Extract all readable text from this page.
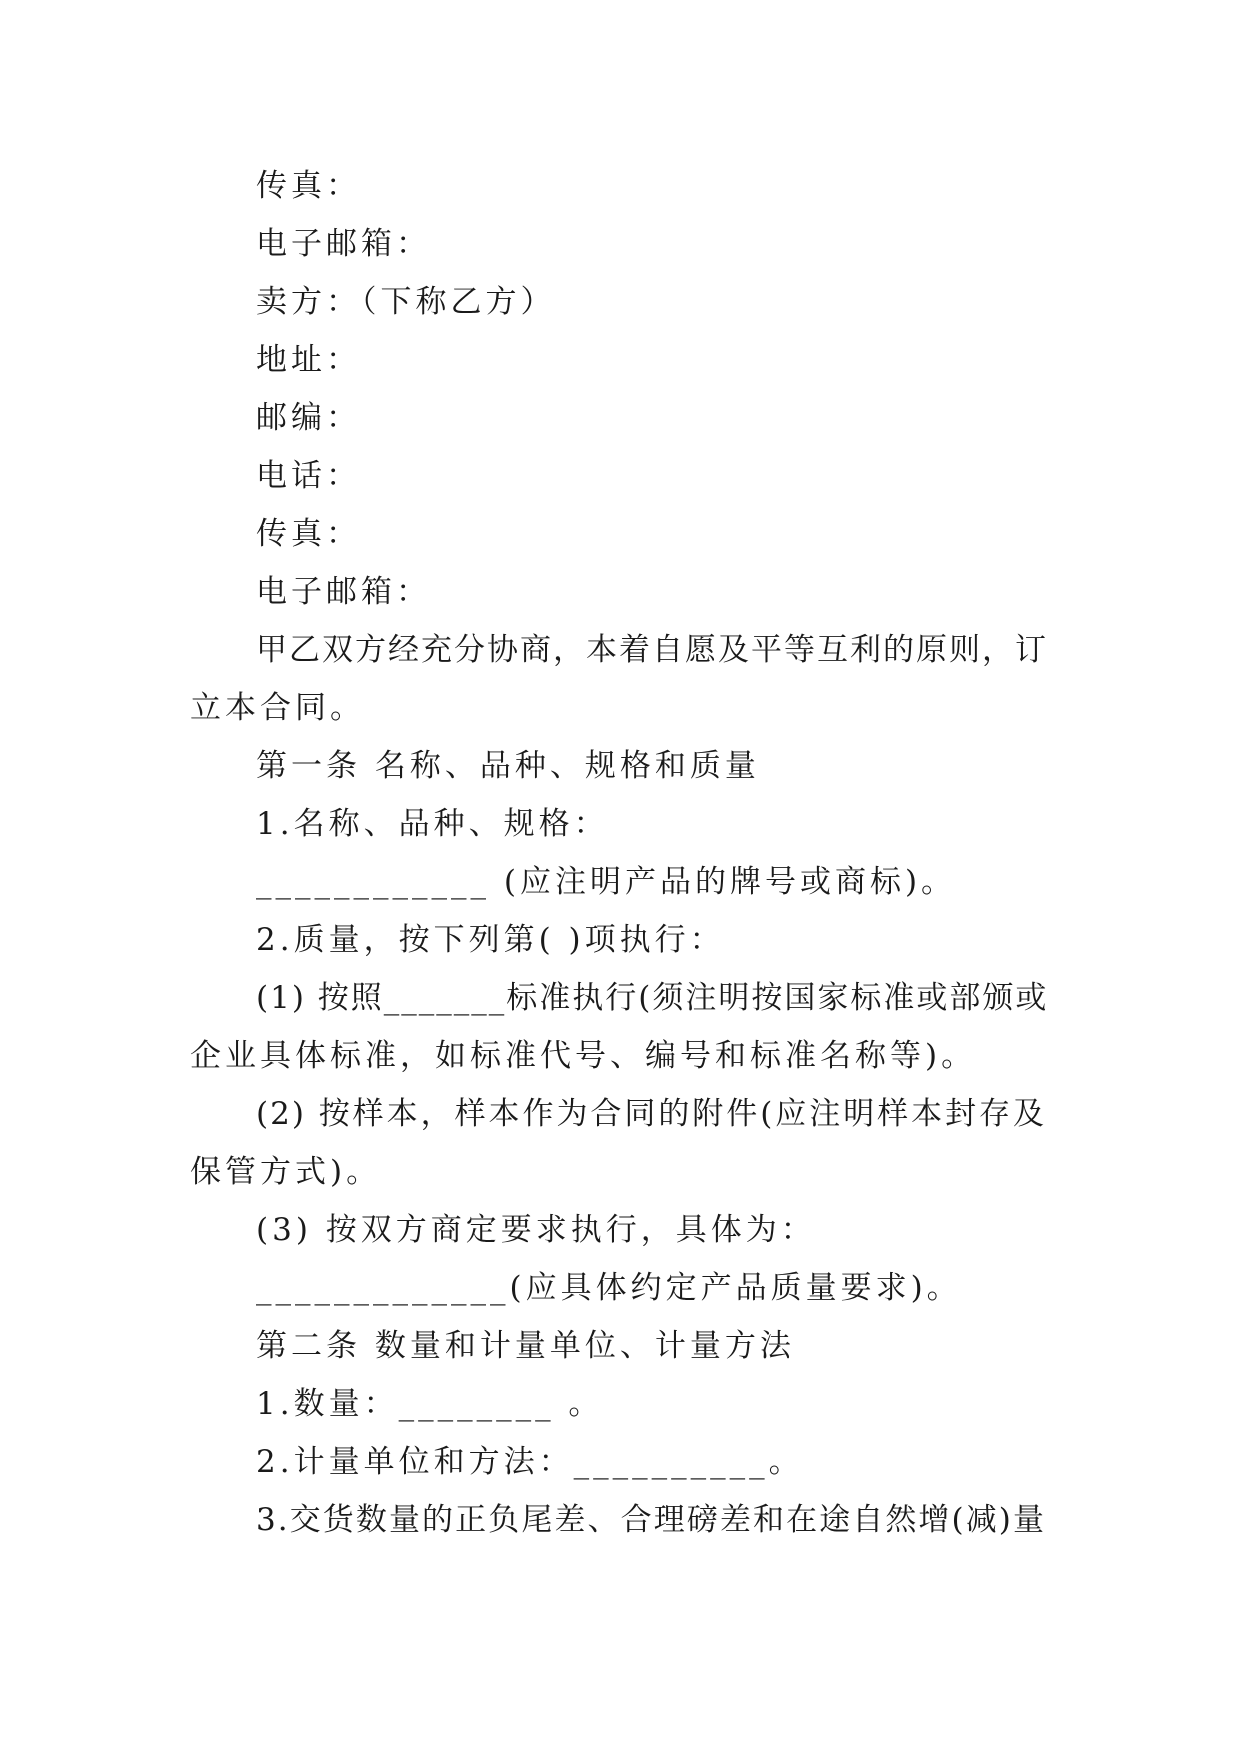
传真：
电子邮箱：
卖方：（下称乙方）
地址：
邮编：
电话：
传真：
电子邮箱：
甲乙双方经充分协商，本着自愿及平等互利的原则，订
立本合同。
第一条 名称、品种、规格和质量
1.名称、品种、规格：
____________ (应注明产品的牌号或商标)。
2.质量，按下列第( )项执行：
(1) 按照_______标准执行(须注明按国家标准或部颁或
企业具体标准，如标准代号、编号和标准名称等)。
(2) 按样本，样本作为合同的附件(应注明样本封存及
保管方式)。
(3) 按双方商定要求执行，具体为：
_____________(应具体约定产品质量要求)。
第二条 数量和计量单位、计量方法
1.数量：________ 。
2.计量单位和方法：__________。
3.交货数量的正负尾差、合理磅差和在途自然增(减)量
